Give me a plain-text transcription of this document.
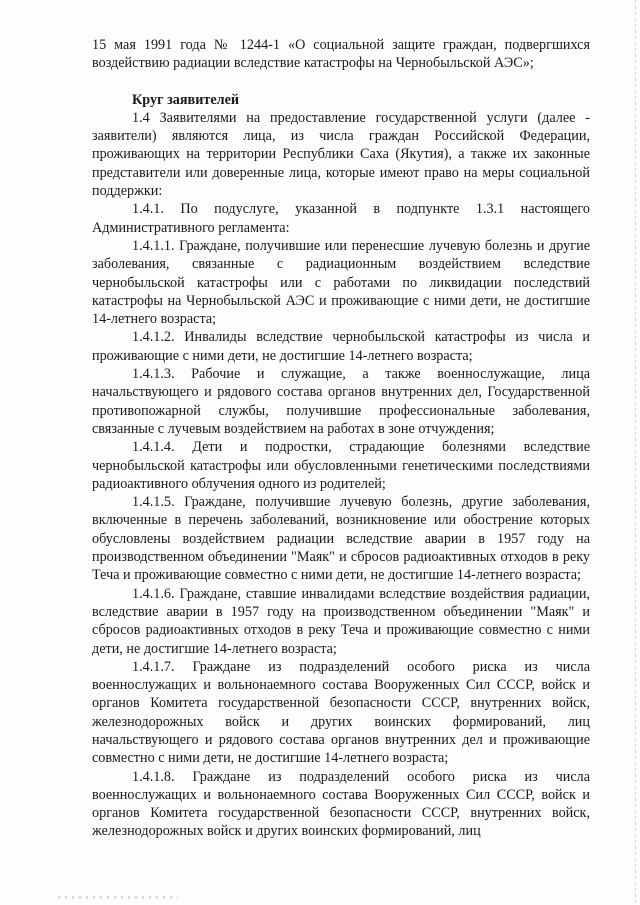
15 мая 1991 года № 1244-1 «О социальной защите граждан, подвергшихся воздействию радиации вследствие катастрофы на Чернобыльской АЭС»;

Круг заявителей

1.4 Заявителями на предоставление государственной услуги (далее - заявители) являются лица, из числа граждан Российской Федерации, проживающих на территории Республики Саха (Якутия), а также их законные представители или доверенные лица, которые имеют право на меры социальной поддержки:

1.4.1. По подуслуге, указанной в подпункте 1.3.1 настоящего Административного регламента:

1.4.1.1. Граждане, получившие или перенесшие лучевую болезнь и другие заболевания, связанные с радиационным воздействием вследствие чернобыльской катастрофы или с работами по ликвидации последствий катастрофы на Чернобыльской АЭС и проживающие с ними дети, не достигшие 14-летнего возраста;

1.4.1.2. Инвалиды вследствие чернобыльской катастрофы из числа и проживающие с ними дети, не достигшие 14-летнего возраста;

1.4.1.3. Рабочие и служащие, а также военнослужащие, лица начальствующего и рядового состава органов внутренних дел, Государственной противопожарной службы, получившие профессиональные заболевания, связанные с лучевым воздействием на работах в зоне отчуждения;

1.4.1.4. Дети и подростки, страдающие болезнями вследствие чернобыльской катастрофы или обусловленными генетическими последствиями радиоактивного облучения одного из родителей;

1.4.1.5. Граждане, получившие лучевую болезнь, другие заболевания, включенные в перечень заболеваний, возникновение или обострение которых обусловлены воздействием радиации вследствие аварии в 1957 году на производственном объединении "Маяк" и сбросов радиоактивных отходов в реку Теча и проживающие совместно с ними дети, не достигшие 14-летнего возраста;

1.4.1.6. Граждане, ставшие инвалидами вследствие воздействия радиации, вследствие аварии в 1957 году на производственном объединении "Маяк" и сбросов радиоактивных отходов в реку Теча и проживающие совместно с ними дети, не достигшие 14-летнего возраста;

1.4.1.7. Граждане из подразделений особого риска из числа военнослужащих и вольнонаемного состава Вооруженных Сил СССР, войск и органов Комитета государственной безопасности СССР, внутренних войск, железнодорожных войск и других воинских формирований, лиц начальствующего и рядового состава органов внутренних дел и проживающие совместно с ними дети, не достигшие 14-летнего возраста;

1.4.1.8. Граждане из подразделений особого риска из числа военнослужащих и вольнонаемного состава Вооруженных Сил СССР, войск и органов Комитета государственной безопасности СССР, внутренних войск, железнодорожных войск и других воинских формирований, лиц
